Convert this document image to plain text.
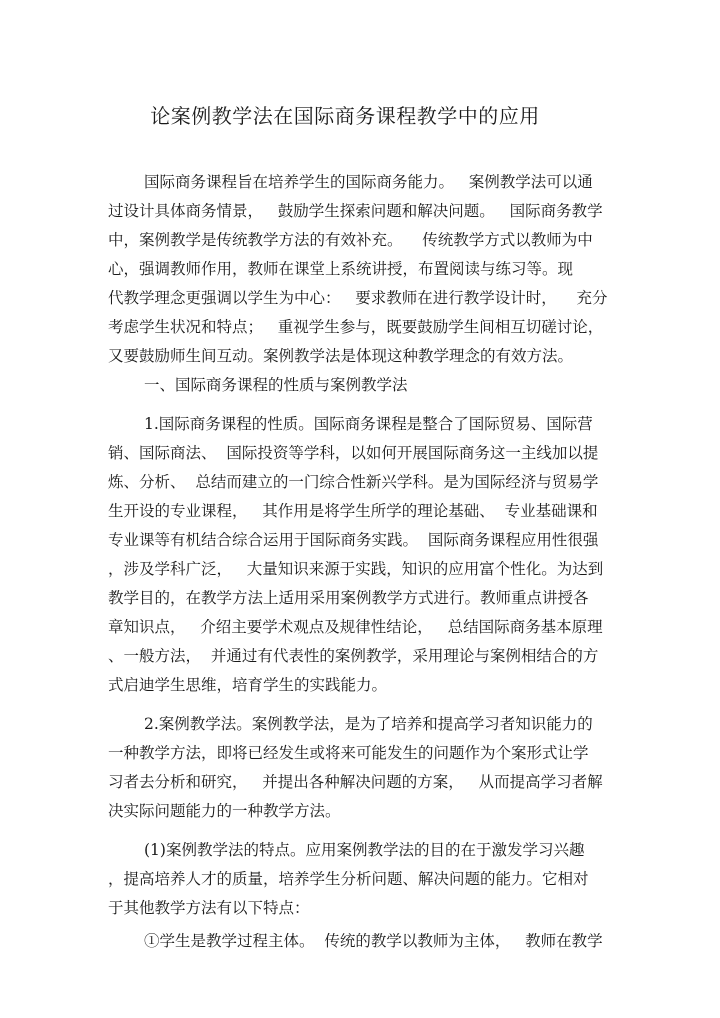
论案例教学法在国际商务课程教学中的应用
国际商务课程旨在培养学生的国际商务能力。   案例教学法可以通
过设计具体商务情景，   鼓励学生探索问题和解决问题。   国际商务教学
中，案例教学是传统教学方法的有效补充。    传统教学方式以教师为中
心，强调教师作用，教师在课堂上系统讲授，布置阅读与练习等。现
代教学理念更强调以学生为中心：   要求教师在进行教学设计时，    充分
考虑学生状况和特点；   重视学生参与，既要鼓励学生间相互切磋讨论，
又要鼓励师生间互动。案例教学法是体现这种教学理念的有效方法。
一、国际商务课程的性质与案例教学法
1.国际商务课程的性质。国际商务课程是整合了国际贸易、国际营
销、国际商法、  国际投资等学科，以如何开展国际商务这一主线加以提
炼、分析、  总结而建立的一门综合性新兴学科。是为国际经济与贸易学
生开设的专业课程，   其作用是将学生所学的理论基础、  专业基础课和
专业课等有机结合综合运用于国际商务实践。  国际商务课程应用性很强
，涉及学科广泛，   大量知识来源于实践，知识的应用富个性化。为达到
教学目的，在教学方法上适用采用案例教学方式进行。教师重点讲授各
章知识点，   介绍主要学术观点及规律性结论，   总结国际商务基本原理
、一般方法，  并通过有代表性的案例教学，采用理论与案例相结合的方
式启迪学生思维，培育学生的实践能力。
2.案例教学法。案例教学法，是为了培养和提高学习者知识能力的
一种教学方法，即将已经发生或将来可能发生的问题作为个案形式让学
习者去分析和研究，   并提出各种解决问题的方案，   从而提高学习者解
决实际问题能力的一种教学方法。
(1)案例教学法的特点。应用案例教学法的目的在于激发学习兴趣
，提高培养人才的质量，培养学生分析问题、解决问题的能力。它相对
于其他教学方法有以下特点：
①学生是教学过程主体。  传统的教学以教师为主体，   教师在教学
